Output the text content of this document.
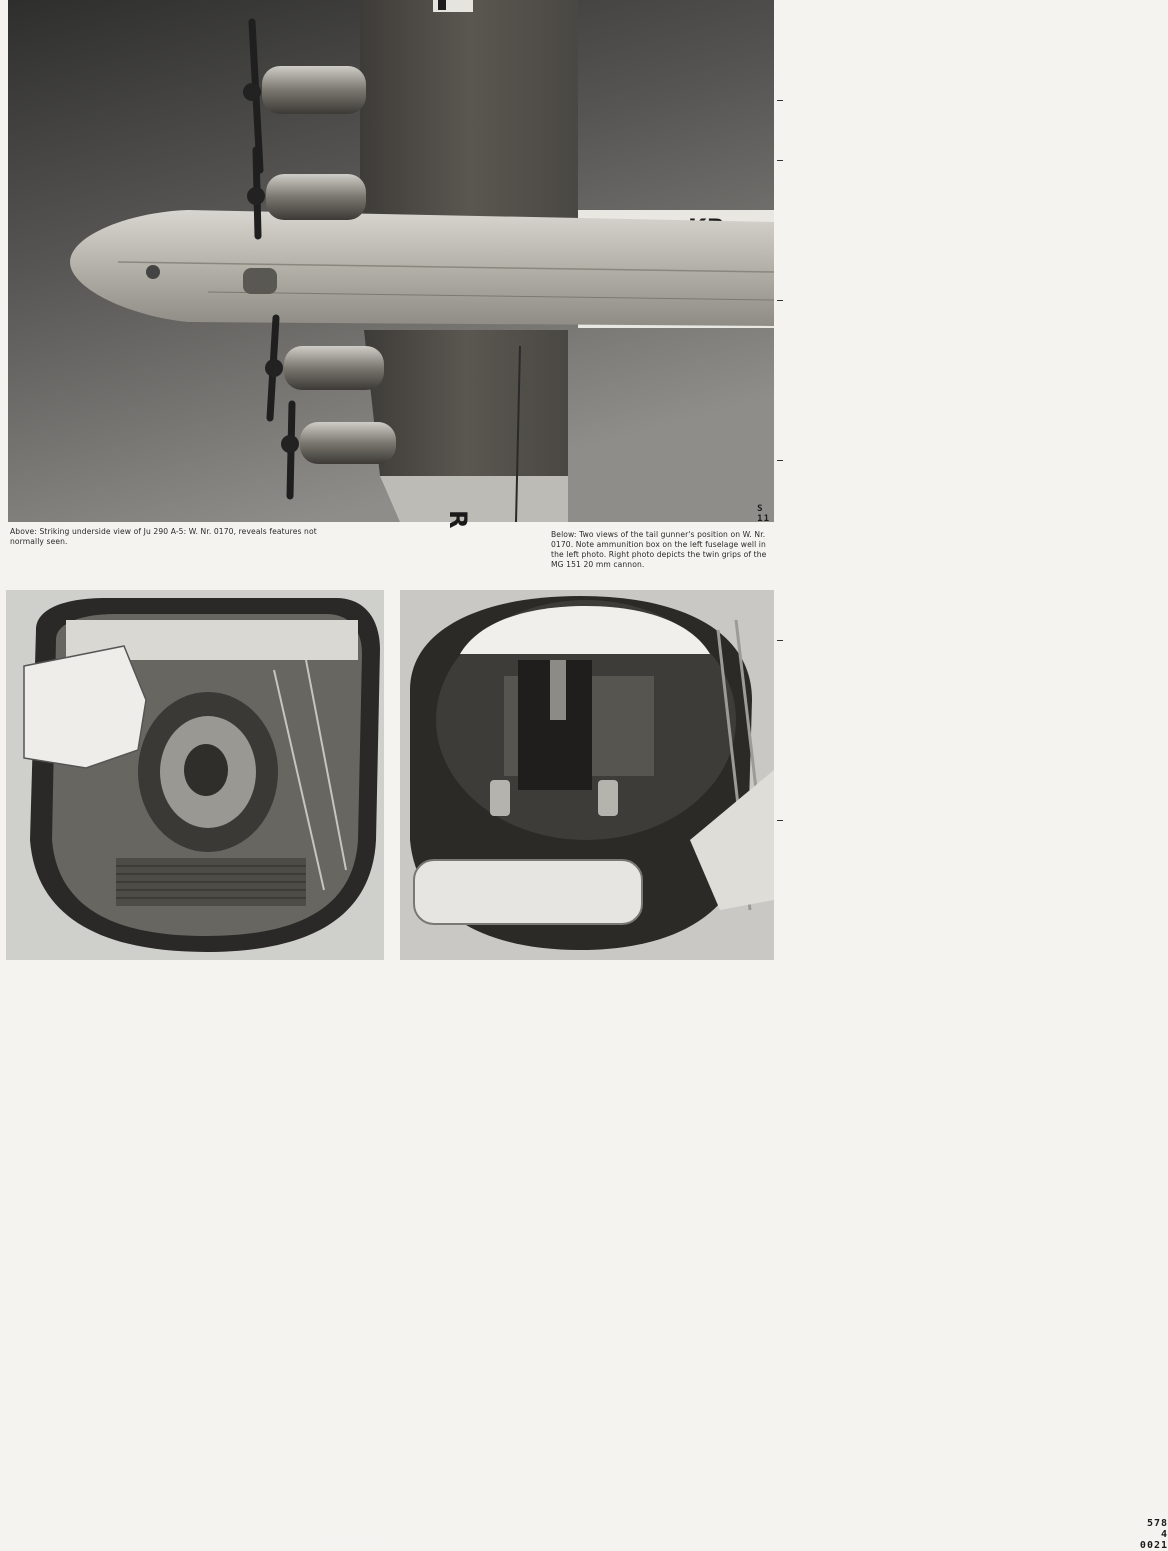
R
S 11

Above: Striking underside view of Ju 290 A-5: W. Nr. 0170, reveals features not normally seen.

Below: Two views of the tail gunner's position on W. Nr. 0170. Note ammunition box on the left fuselage well in the left photo. Right photo depicts the twin grips of the MG 151 20 mm cannon.

J.48526
578
4 0021
